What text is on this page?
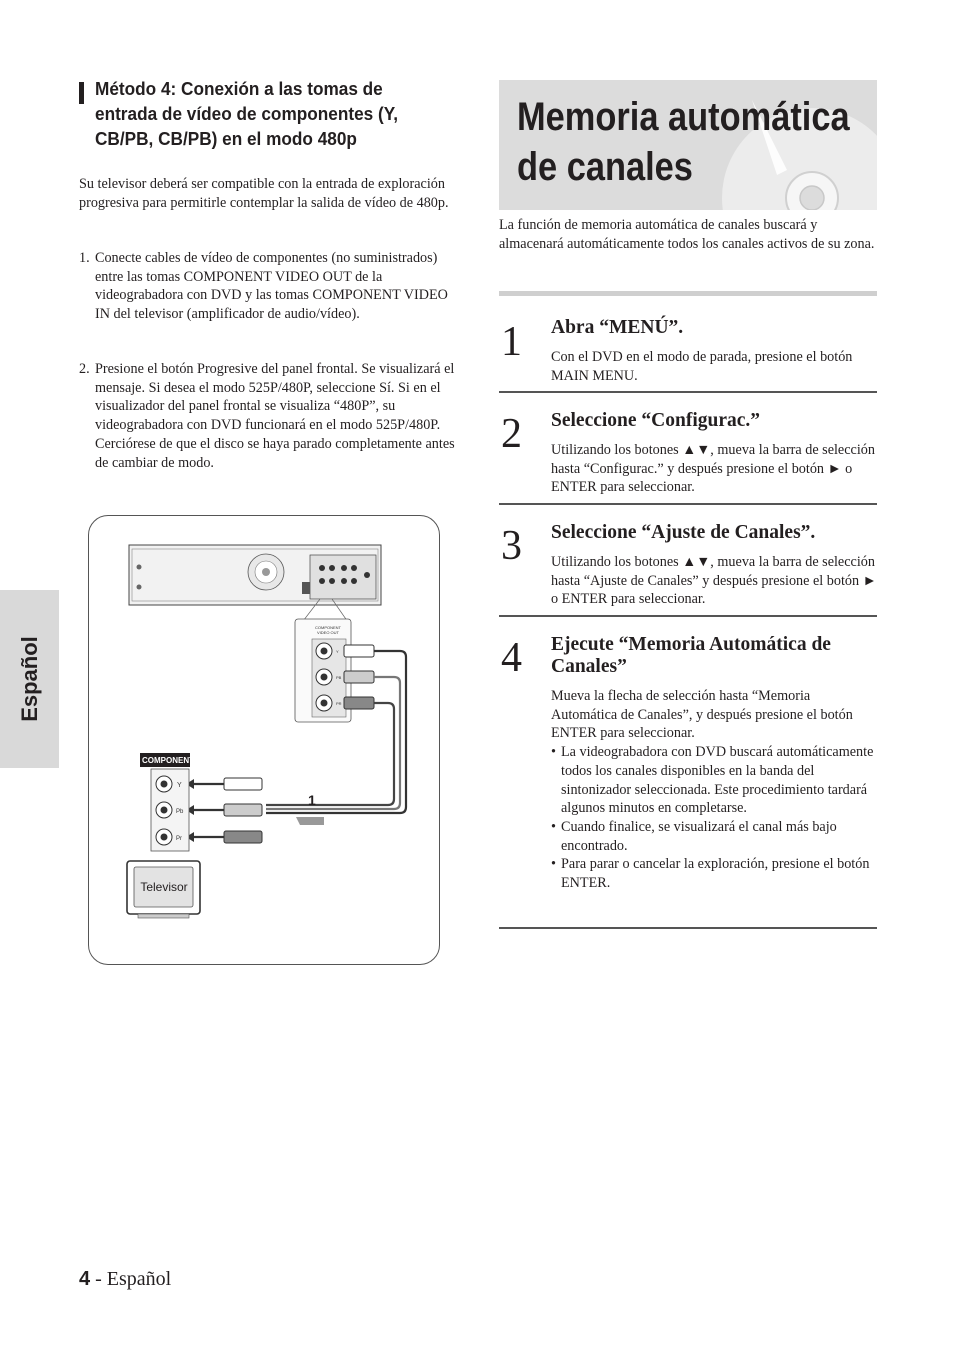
Español
Método 4: Conexión a las tomas de entrada de vídeo de componentes (Y, CB/PB, CB/PB) en el modo 480p
Su televisor deberá ser compatible con la entrada de exploración progresiva para permitirle contemplar la salida de vídeo de 480p.
1. Conecte cables de vídeo de componentes (no suministrados) entre las tomas COMPONENT VIDEO OUT de la videograbadora con DVD y las tomas COMPONENT VIDEO IN del televisor (amplificador de audio/vídeo).
2. Presione el botón Progresive del panel frontal. Se visualizará el mensaje. Si desea el modo 525P/480P, seleccione Sí. Si en el visualizador del panel frontal se visualiza “480P”, su videograbadora con DVD funcionará en el modo 525P/480P. Cerciórese de que el disco se haya parado completamente antes de cambiar de modo.
COMPONENT
VIDEO OUT
Y
PB
PR
1
COMPONENT
Y
Pb
Pr
Televisor
Memoria automática
de canales
La función de memoria automática de canales buscará y almacenará automáticamente todos los canales activos de su zona.
1 Abra “MENÚ”.
Con el DVD en el modo de parada, presione el botón MAIN MENU.
2 Seleccione “Configurac.”
Utilizando los botones ▲▼, mueva la barra de selección hasta “Configurac.” y después presione el botón ► o ENTER para seleccionar.
3 Seleccione “Ajuste de Canales”.
Utilizando los botones ▲▼, mueva la barra de selección hasta “Ajuste de Canales” y después presione el botón ► o ENTER para seleccionar.
4 Ejecute “Memoria Automática de Canales”
Mueva la flecha de selección hasta “Memoria Automática de Canales”, y después presione el botón ENTER para seleccionar.
• La videograbadora con DVD buscará automáticamente todos los canales disponibles en la banda del sintonizador seleccionada. Este procedimiento tardará algunos minutos en completarse.
• Cuando finalice, se visualizará el canal más bajo encontrado.
• Para parar o cancelar la exploración, presione el botón ENTER.
4 - Español
